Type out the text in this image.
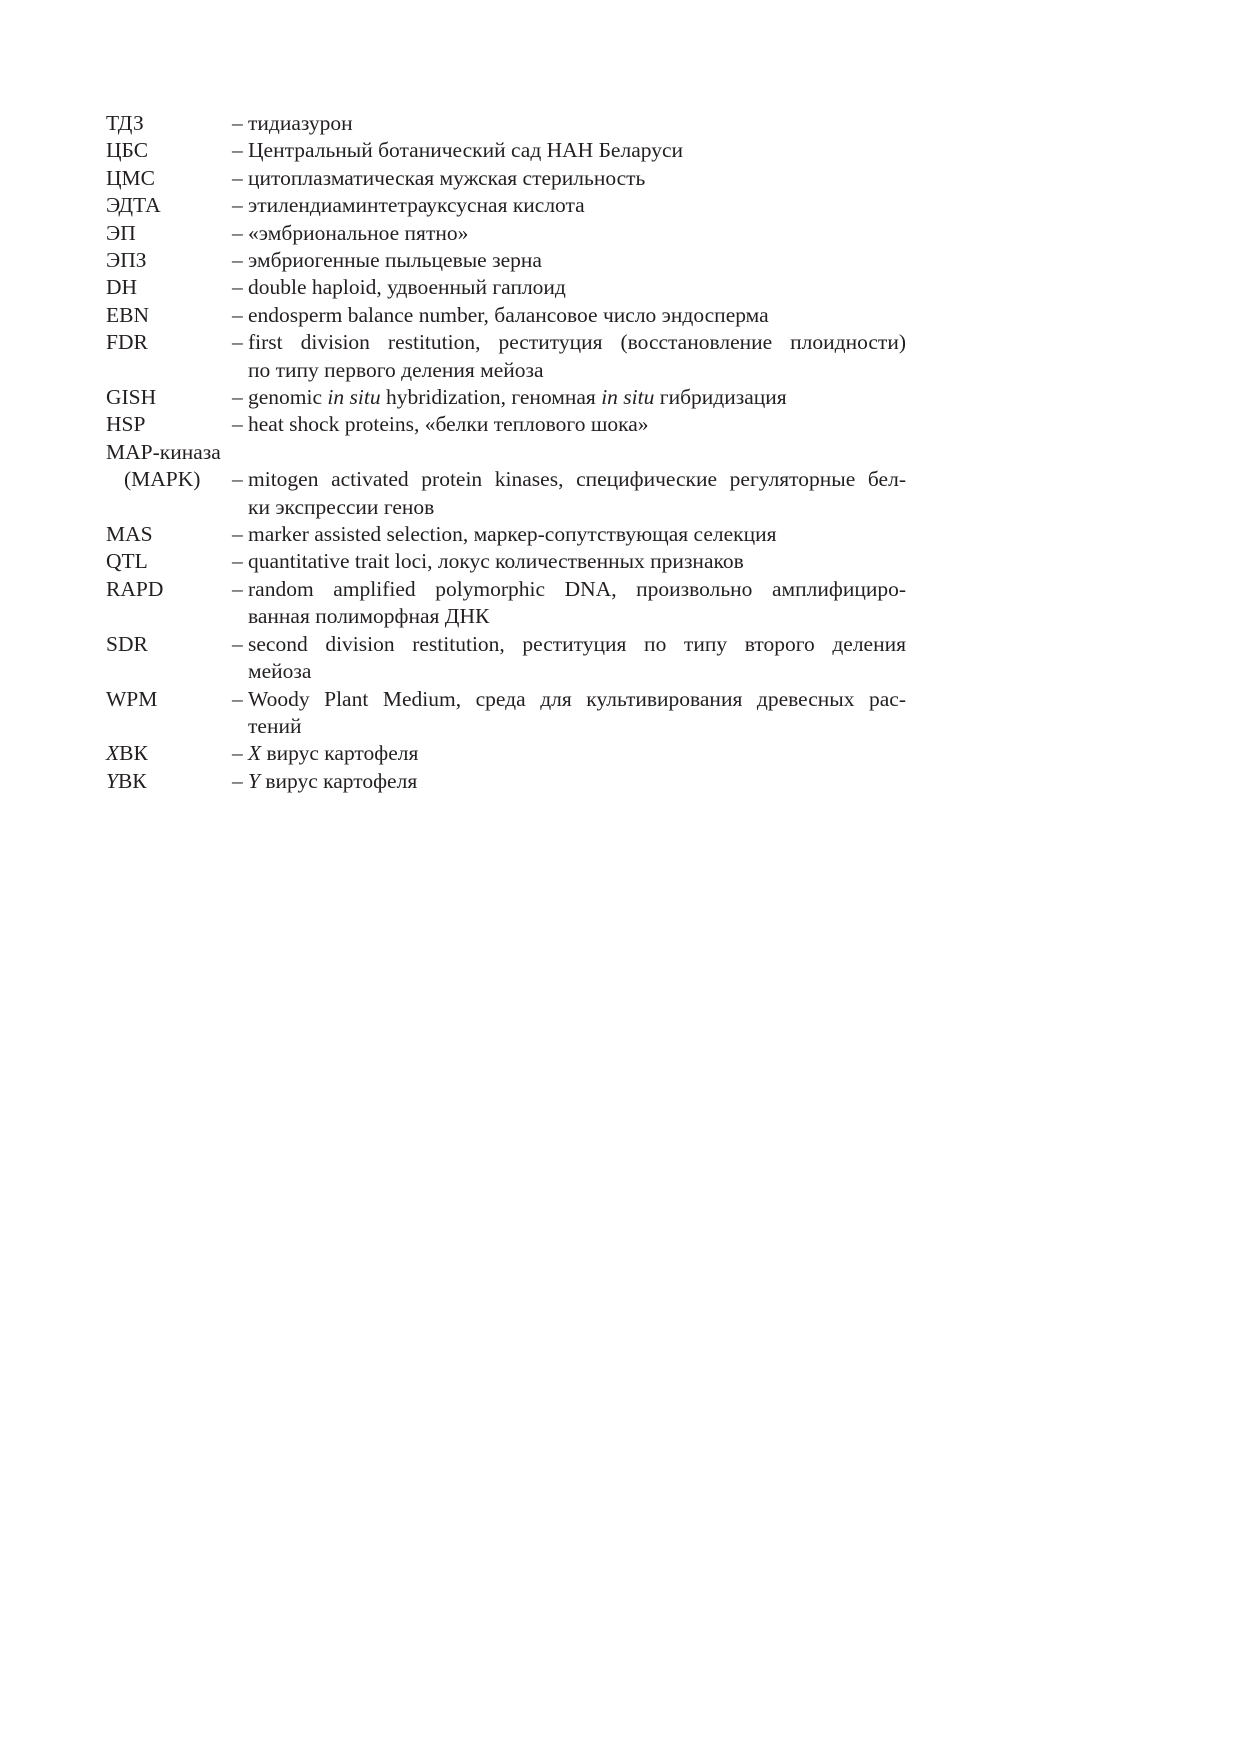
ТДЗ	– тидиазурон
ЦБС	– Центральный ботанический сад НАН Беларуси
ЦМС	– цитоплазматическая мужская стерильность
ЭДТА	– этилендиаминтетрауксусная кислота
ЭП	– «эмбриональное пятно»
ЭПЗ	– эмбриогенные пыльцевые зерна
DH	– double haploid, удвоенный гаплоид
EBN	– endosperm balance number, балансовое число эндосперма
FDR	– first division restitution, реституция (восстановление плоидности)
по типу первого деления мейоза
GISH	– genomic in situ hybridization, геномная in situ гибридизация
HSP	– heat shock proteins, «белки теплового шока»
MAP-киназа
(MAPK) – mitogen activated protein kinases, специфические регуляторные бел-
ки экспрессии генов
MAS	– marker assisted selection, маркер-сопутствующая селекция
QTL	– quantitative trait loci, локус количественных признаков
RAPD	– random amplified polymorphic DNA, произвольно амплифициро-
ванная полиморфная ДНК
SDR	– second division restitution, реституция по типу второго деления
мейоза
WPM	– Woody Plant Medium, среда для культивирования древесных рас-
тений
XВК	– X вирус картофеля
YВК	– Y вирус картофеля
